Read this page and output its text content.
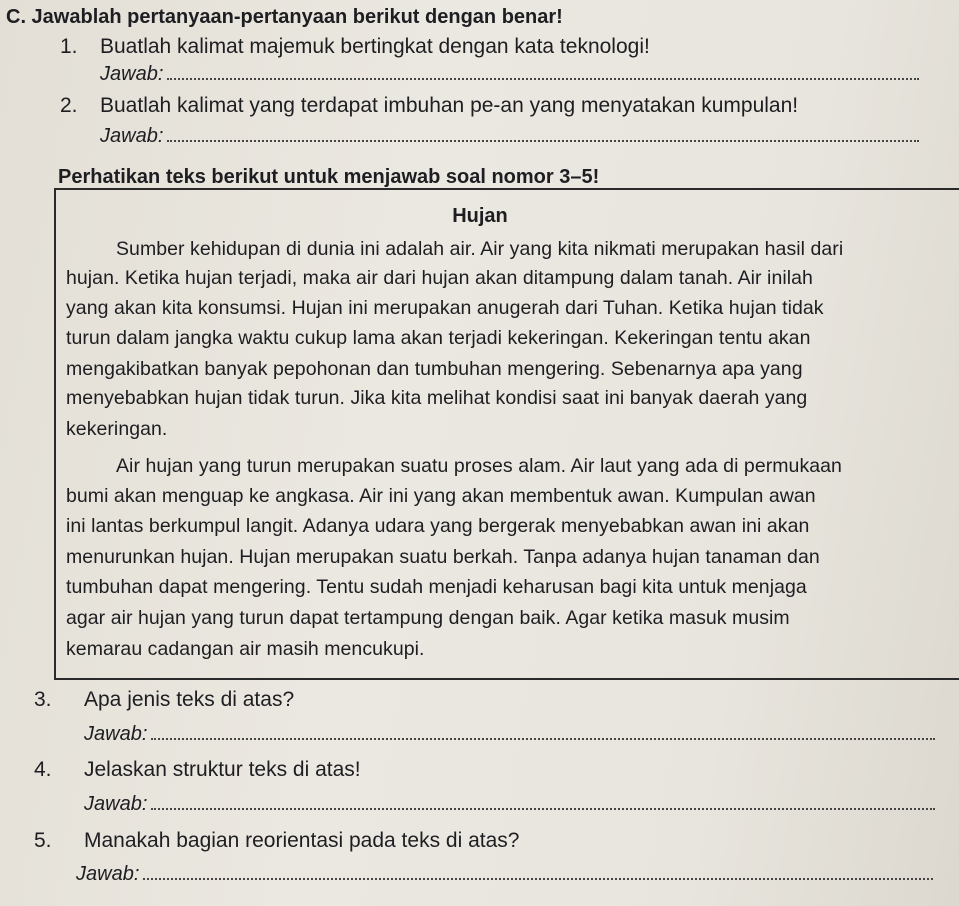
C. Jawablah pertanyaan-pertanyaan berikut dengan benar!
1. Buatlah kalimat majemuk bertingkat dengan kata teknologi!
Jawab:
2. Buatlah kalimat yang terdapat imbuhan pe-an yang menyatakan kumpulan!
Jawab:
Perhatikan teks berikut untuk menjawab soal nomor 3–5!
Hujan
Sumber kehidupan di dunia ini adalah air. Air yang kita nikmati merupakan hasil dari
hujan. Ketika hujan terjadi, maka air dari hujan akan ditampung dalam tanah. Air inilah
yang akan kita konsumsi. Hujan ini merupakan anugerah dari Tuhan. Ketika hujan tidak
turun dalam jangka waktu cukup lama akan terjadi kekeringan. Kekeringan tentu akan
mengakibatkan banyak pepohonan dan tumbuhan mengering. Sebenarnya apa yang
menyebabkan hujan tidak turun. Jika kita melihat kondisi saat ini banyak daerah yang
kekeringan.
Air hujan yang turun merupakan suatu proses alam. Air laut yang ada di permukaan
bumi akan menguap ke angkasa. Air ini yang akan membentuk awan. Kumpulan awan
ini lantas berkumpul langit. Adanya udara yang bergerak menyebabkan awan ini akan
menurunkan hujan. Hujan merupakan suatu berkah. Tanpa adanya hujan tanaman dan
tumbuhan dapat mengering. Tentu sudah menjadi keharusan bagi kita untuk menjaga
agar air hujan yang turun dapat tertampung dengan baik. Agar ketika masuk musim
kemarau cadangan air masih mencukupi.
3. Apa jenis teks di atas?
Jawab:
4. Jelaskan struktur teks di atas!
Jawab:
5. Manakah bagian reorientasi pada teks di atas?
Jawab:
